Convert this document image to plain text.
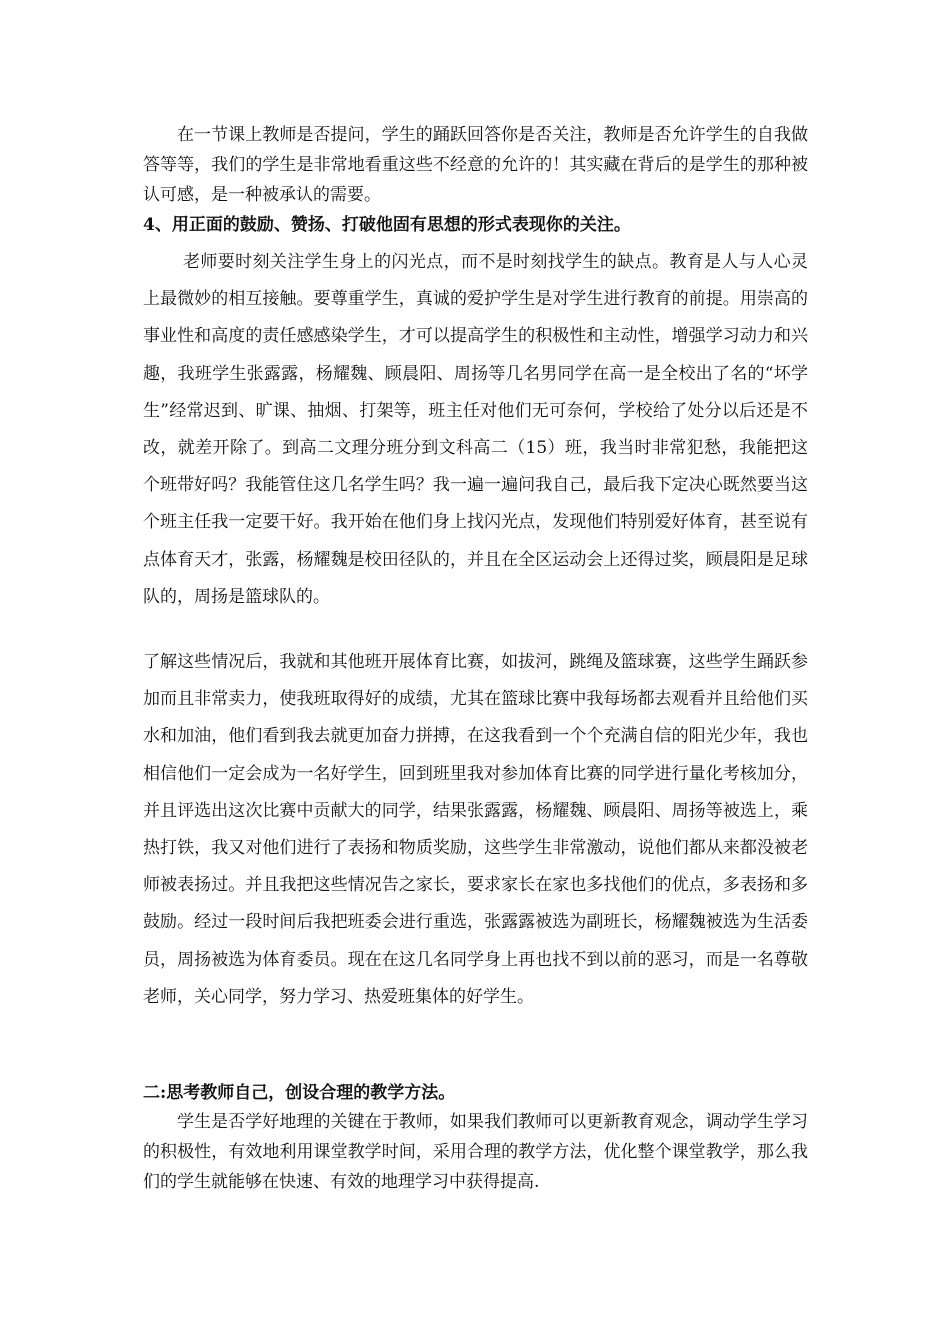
在一节课上教师是否提问，学生的踊跃回答你是否关注，教师是否允许学生的自我做答等等，我们的学生是非常地看重这些不经意的允许的！其实藏在背后的是学生的那种被认可感，是一种被承认的需要。

4、用正面的鼓励、赞扬、打破他固有思想的形式表现你的关注。

老师要时刻关注学生身上的闪光点，而不是时刻找学生的缺点。教育是人与人心灵上最微妙的相互接触。要尊重学生，真诚的爱护学生是对学生进行教育的前提。用崇高的事业性和高度的责任感感染学生，才可以提高学生的积极性和主动性，增强学习动力和兴趣，我班学生张露露，杨耀魏、顾晨阳、周扬等几名男同学在高一是全校出了名的“坏学生”经常迟到、旷课、抽烟、打架等，班主任对他们无可奈何，学校给了处分以后还是不改，就差开除了。到高二文理分班分到文科高二（15）班，我当时非常犯愁，我能把这个班带好吗？我能管住这几名学生吗？我一遍一遍问我自己，最后我下定决心既然要当这个班主任我一定要干好。我开始在他们身上找闪光点，发现他们特别爱好体育，甚至说有点体育天才，张露，杨耀魏是校田径队的，并且在全区运动会上还得过奖，顾晨阳是足球队的，周扬是篮球队的。

了解这些情况后，我就和其他班开展体育比赛，如拔河，跳绳及篮球赛，这些学生踊跃参加而且非常卖力，使我班取得好的成绩，尤其在篮球比赛中我每场都去观看并且给他们买水和加油，他们看到我去就更加奋力拼搏，在这我看到一个个充满自信的阳光少年，我也相信他们一定会成为一名好学生，回到班里我对参加体育比赛的同学进行量化考核加分，并且评选出这次比赛中贡献大的同学，结果张露露，杨耀魏、顾晨阳、周扬等被选上，乘热打铁，我又对他们进行了表扬和物质奖励，这些学生非常激动，说他们都从来都没被老师被表扬过。并且我把这些情况告之家长，要求家长在家也多找他们的优点，多表扬和多鼓励。经过一段时间后我把班委会进行重选，张露露被选为副班长，杨耀魏被选为生活委员，周扬被选为体育委员。现在在这几名同学身上再也找不到以前的恶习，而是一名尊敬老师，关心同学，努力学习、热爱班集体的好学生。

二:思考教师自己，创设合理的教学方法。

学生是否学好地理的关键在于教师，如果我们教师可以更新教育观念，调动学生学习的积极性，有效地利用课堂教学时间，采用合理的教学方法，优化整个课堂教学，那么我们的学生就能够在快速、有效的地理学习中获得提高.
